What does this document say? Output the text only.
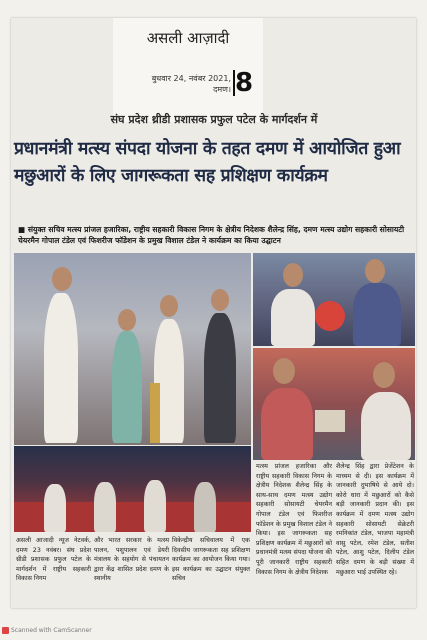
असली आज़ादी
बुधवार 24, नवंबर 2021,
दमण। 8
संघ प्रदेश थ्रीडी प्रशासक प्रफुल पटेल के मार्गदर्शन में
प्रधानमंत्री मत्स्य संपदा योजना के तहत दमण में आयोजित हुआ मछुआरों के लिए जागरूकता सह प्रशिक्षण कार्यक्रम
■ संयुक्त सचिव मत्स्य प्रांजल हजारिका, राष्ट्रीय सहकारी विकास निगम के क्षेत्रीय निदेशक शैलेन्द्र सिंह, दमण मत्स्य उद्योग सहकारी सोसायटी चेयरमैन गोपाल टंडेल एवं फिशरीज फॉडेशन के प्रमुख विशाल टंडेल ने कार्यक्रम का किया उद्घाटन
असली आजादी न्यूज नेटवर्क, दमण 23 नवंबर। संघ प्रदेश थ्रीडी प्रशासक प्रफुल पटेल के मार्गदर्शन में राष्ट्रीय सहकारी विकास निगम
और भारत सरकार के मत्स्य पालन, पशुपालन एवं डेयरी मंत्रालय के सहयोग से पंचायतन द्वारा केंद्र शासित प्रदेश दमण के स्थानीय
विकेन्द्रीय सचिवालय में एक दिवसीय जागरूकता सह प्रशिक्षण कार्यक्रम का आयोजन किया गया। इस कार्यक्रम का उद्घाटन संयुक्त सचिव
मत्स्य प्रांजल हजारिका और राष्ट्रीय सहकारी विकास निगम के क्षेत्रीय निदेशक शैलेन्द्र सिंह के साथ-साथ दमण मत्स्य उद्योग सहकारी सोसायटी चेयरमैन गोपाल टंडेल एवं फिशरीज फॉडेशन के प्रमुख विशाल टंडेल ने किया। इस जागरूकता सह प्रशिक्षण कार्यक्रम में मछुआरों को प्रधानमंत्री मत्स्य संपदा योजना की पूरी जानकारी राष्ट्रीय सहकारी विकास निगम के क्षेत्रीय निदेशक
शैलेन्द्र सिंह द्वारा प्रेजेंटेशन के माध्यम से दी। इस कार्यक्रम में जानकारी दुभाषिये से आये दो। कोरो धारा में मछुआरों को कैसे बड़ी जानकारी प्रदान की। इस कार्यक्रम में दमण मत्स्य उद्योग सहकारी सोसायटी सेक्रेटरी रमनिकांत टंडेल, भाजपा महामंत्री वासु पटेल, रमेश टंडेल, सतीश पटेल, आशु पटेल, दिलीप टंडेल सहित दमण के बड़ी संख्या में मछुआरा भाई उपस्थित रहे।
Scanned with CamScanner
